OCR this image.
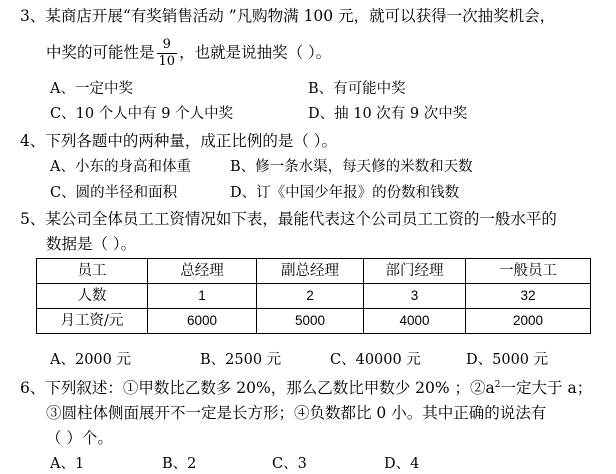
3、某商店开展“有奖销售活动 ”凡购物满 100 元，就可以获得一次抽奖机会，
中奖的可能性是 $\frac{9}{10}$ ，也就是说抽奖（ ）。
A、一定中奖	B、有可能中奖
C、10 个人中有 9 个人中奖	D、抽 10 次有 9 次中奖
4、下列各题中的两种量，成正比例的是（ ）。
A、小东的身高和体重	B、修一条水渠，每天修的米数和天数
C、圆的半径和面积	D、订《中国少年报》的份数和钱数
5、某公司全体员工工资情况如下表，最能代表这个公司员工工资的一般水平的
数据是（ ）。
员工	总经理	副总经理	部门经理	一般员工
人数	1	2	3	32
月工资/元	6000	5000	4000	2000
A、2000 元	B、2500 元	C、40000 元	D、5000 元
6、下列叙述：①甲数比乙数多 20%，那么乙数比甲数少 20% ；$②a^2$一定大于 a；
③圆柱体侧面展开不一定是长方形；④负数都比 0 小。其中正确的说法有
（ ）个。
A、1	B、2	C、3	D、4
